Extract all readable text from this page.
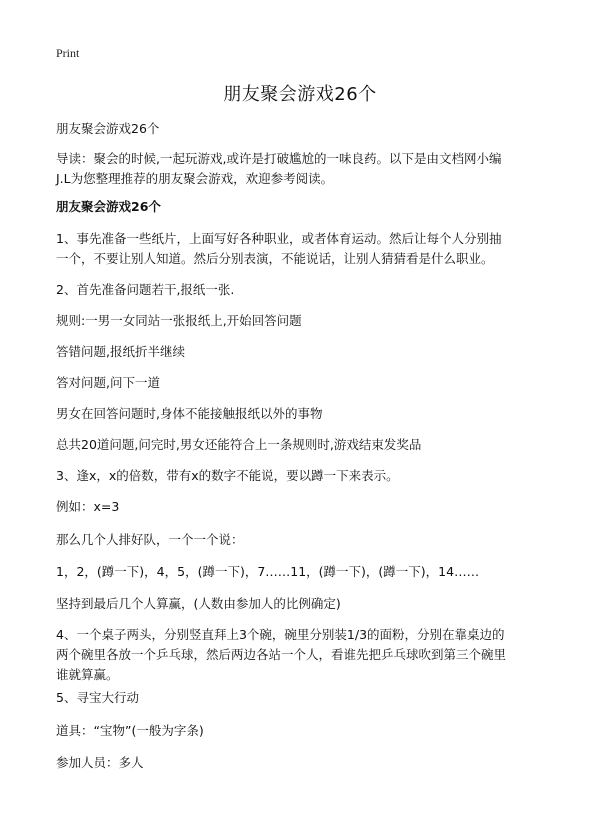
Print
朋友聚会游戏26个
朋友聚会游戏26个
导读：聚会的时候,一起玩游戏,或许是打破尴尬的一味良药。以下是由文档网小编
J.L为您整理推荐的朋友聚会游戏，欢迎参考阅读。
朋友聚会游戏26个
1、事先准备一些纸片，上面写好各种职业，或者体育运动。然后让每个人分别抽
一个，不要让别人知道。然后分别表演，不能说话，让别人猜猜看是什么职业。
2、首先准备问题若干,报纸一张.
规则:一男一女同站一张报纸上,开始回答问题
答错问题,报纸折半继续
答对问题,问下一道
男女在回答问题时,身体不能接触报纸以外的事物
总共20道问题,问完时,男女还能符合上一条规则时,游戏结束发奖品
3、逢x，x的倍数，带有x的数字不能说，要以蹲一下来表示。
例如：x=3
那么几个人排好队，一个一个说：
1，2，(蹲一下)，4，5，(蹲一下)，7……11，(蹲一下)，(蹲一下)，14……
坚持到最后几个人算赢，(人数由参加人的比例确定)
4、一个桌子两头，分别竖直拜上3个碗，碗里分别装1/3的面粉，分别在靠桌边的
两个碗里各放一个乒乓球，然后两边各站一个人，看谁先把乒乓球吹到第三个碗里
谁就算赢。
5、寻宝大行动
道具：“宝物”(一般为字条)
参加人员：多人
